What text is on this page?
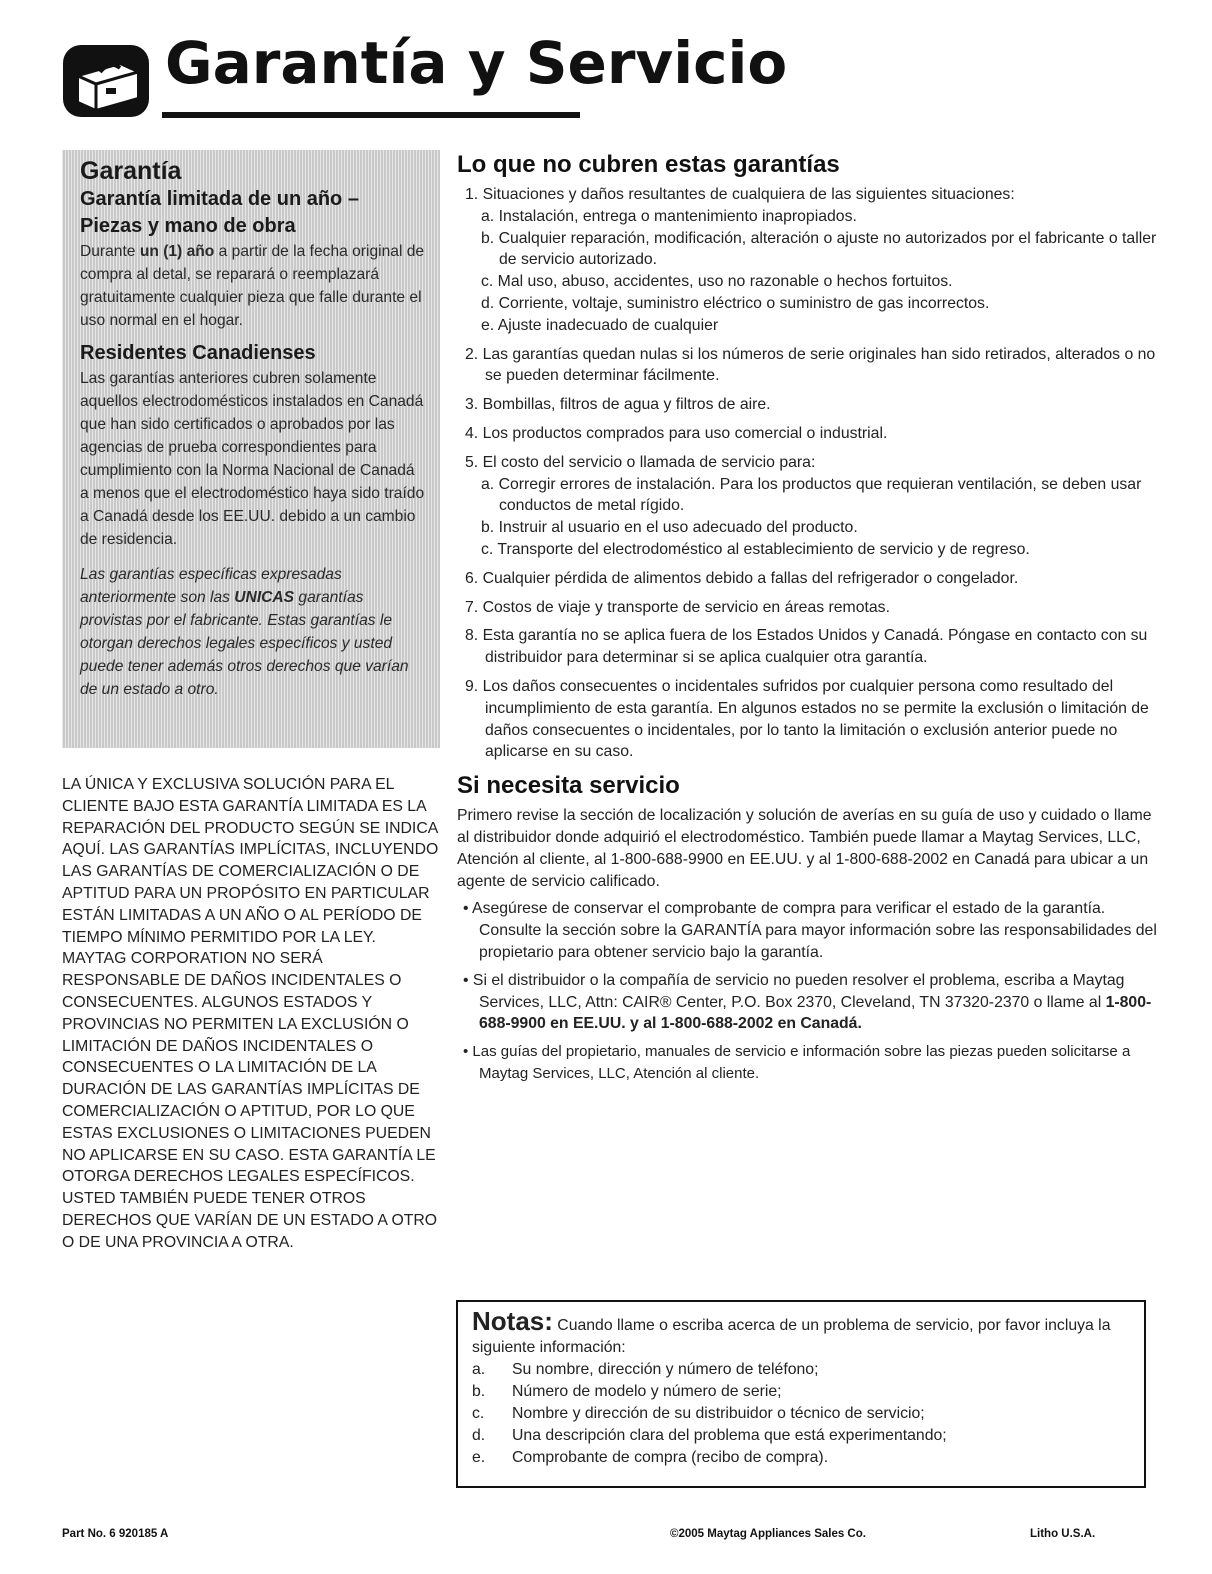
Garantía y Servicio
Garantía
Garantía limitada de un año –
Piezas y mano de obra

Durante un (1) año a partir de la fecha original de compra al detal, se reparará o reemplazará gratuitamente cualquier pieza que falle durante el uso normal en el hogar.

Residentes Canadienses

Las garantías anteriores cubren solamente aquellos electrodomésticos instalados en Canadá que han sido certificados o aprobados por las agencias de prueba correspondientes para cumplimiento con la Norma Nacional de Canadá a menos que el electrodoméstico haya sido traído a Canadá desde los EE.UU. debido a un cambio de residencia.

Las garantías específicas expresadas anteriormente son las UNICAS garantías provistas por el fabricante. Estas garantías le otorgan derechos legales específicos y usted puede tener además otros derechos que varían de un estado a otro.

LA ÚNICA Y EXCLUSIVA SOLUCIÓN PARA EL CLIENTE BAJO ESTA GARANTÍA LIMITADA ES LA REPARACIÓN DEL PRODUCTO SEGÚN SE INDICA AQUÍ. LAS GARANTÍAS IMPLÍCITAS, INCLUYENDO LAS GARANTÍAS DE COMERCIALIZACIÓN O DE APTITUD PARA UN PROPÓSITO EN PARTICULAR ESTÁN LIMITADAS A UN AÑO O AL PERÍODO DE TIEMPO MÍNIMO PERMITIDO POR LA LEY. MAYTAG CORPORATION NO SERÁ RESPONSABLE DE DAÑOS INCIDENTALES O CONSECUENTES. ALGUNOS ESTADOS Y PROVINCIAS NO PERMITEN LA EXCLUSIÓN O LIMITACIÓN DE DAÑOS INCIDENTALES O CONSECUENTES O LA LIMITACIÓN DE LA DURACIÓN DE LAS GARANTÍAS IMPLÍCITAS DE COMERCIALIZACIÓN O APTITUD, POR LO QUE ESTAS EXCLUSIONES O LIMITACIONES PUEDEN NO APLICARSE EN SU CASO. ESTA GARANTÍA LE OTORGA DERECHOS LEGALES ESPECÍFICOS. USTED TAMBIÉN PUEDE TENER OTROS DERECHOS QUE VARÍAN DE UN ESTADO A OTRO O DE UNA PROVINCIA A OTRA.
Lo que no cubren estas garantías

1. Situaciones y daños resultantes de cualquiera de las siguientes situaciones:

a. Instalación, entrega o mantenimiento inapropiados.

b. Cualquier reparación, modificación, alteración o ajuste no autorizados por el fabricante o taller de servicio autorizado.

c. Mal uso, abuso, accidentes, uso no razonable o hechos fortuitos.

d. Corriente, voltaje, suministro eléctrico o suministro de gas incorrectos.

e. Ajuste inadecuado de cualquier

2. Las garantías quedan nulas si los números de serie originales han sido retirados, alterados o no se pueden determinar fácilmente.

3. Bombillas, filtros de agua y filtros de aire.

4. Los productos comprados para uso comercial o industrial.

5. El costo del servicio o llamada de servicio para:

a. Corregir errores de instalación. Para los productos que requieran ventilación, se deben usar conductos de metal rígido.

b. Instruir al usuario en el uso adecuado del producto.

c. Transporte del electrodoméstico al establecimiento de servicio y de regreso.

6. Cualquier pérdida de alimentos debido a fallas del refrigerador o congelador.

7. Costos de viaje y transporte de servicio en áreas remotas.

8. Esta garantía no se aplica fuera de los Estados Unidos y Canadá. Póngase en contacto con su distribuidor para determinar si se aplica cualquier otra garantía.

9. Los daños consecuentes o incidentales sufridos por cualquier persona como resultado del incumplimiento de esta garantía. En algunos estados no se permite la exclusión o limitación de daños consecuentes o incidentales, por lo tanto la limitación o exclusión anterior puede no aplicarse en su caso.

Si necesita servicio

Primero revise la sección de localización y solución de averías en su guía de uso y cuidado o llame al distribuidor donde adquirió el electrodoméstico. También puede llamar a Maytag Services, LLC, Atención al cliente, al 1-800-688-9900 en EE.UU. y al 1-800-688-2002 en Canadá para ubicar a un agente de servicio calificado.

• Asegúrese de conservar el comprobante de compra para verificar el estado de la garantía. Consulte la sección sobre la GARANTÍA para mayor información sobre las responsabilidades del propietario para obtener servicio bajo la garantía.

• Si el distribuidor o la compañía de servicio no pueden resolver el problema, escriba a Maytag Services, LLC, Attn: CAIR® Center, P.O. Box 2370, Cleveland, TN 37320-2370 o llame al 1-800-688-9900 en EE.UU. y al 1-800-688-2002 en Canadá.

• Las guías del propietario, manuales de servicio e información sobre las piezas pueden solicitarse a Maytag Services, LLC, Atención al cliente.

Notas: Cuando llame o escriba acerca de un problema de servicio, por favor incluya la siguiente información:
a.	Su nombre, dirección y número de teléfono;
b.	Número de modelo y número de serie;
c.	Nombre y dirección de su distribuidor o técnico de servicio;
d.	Una descripción clara del problema que está experimentando;
e.	Comprobante de compra (recibo de compra).
Part No. 6 920185 A	©2005 Maytag Appliances Sales Co.	Litho U.S.A.
